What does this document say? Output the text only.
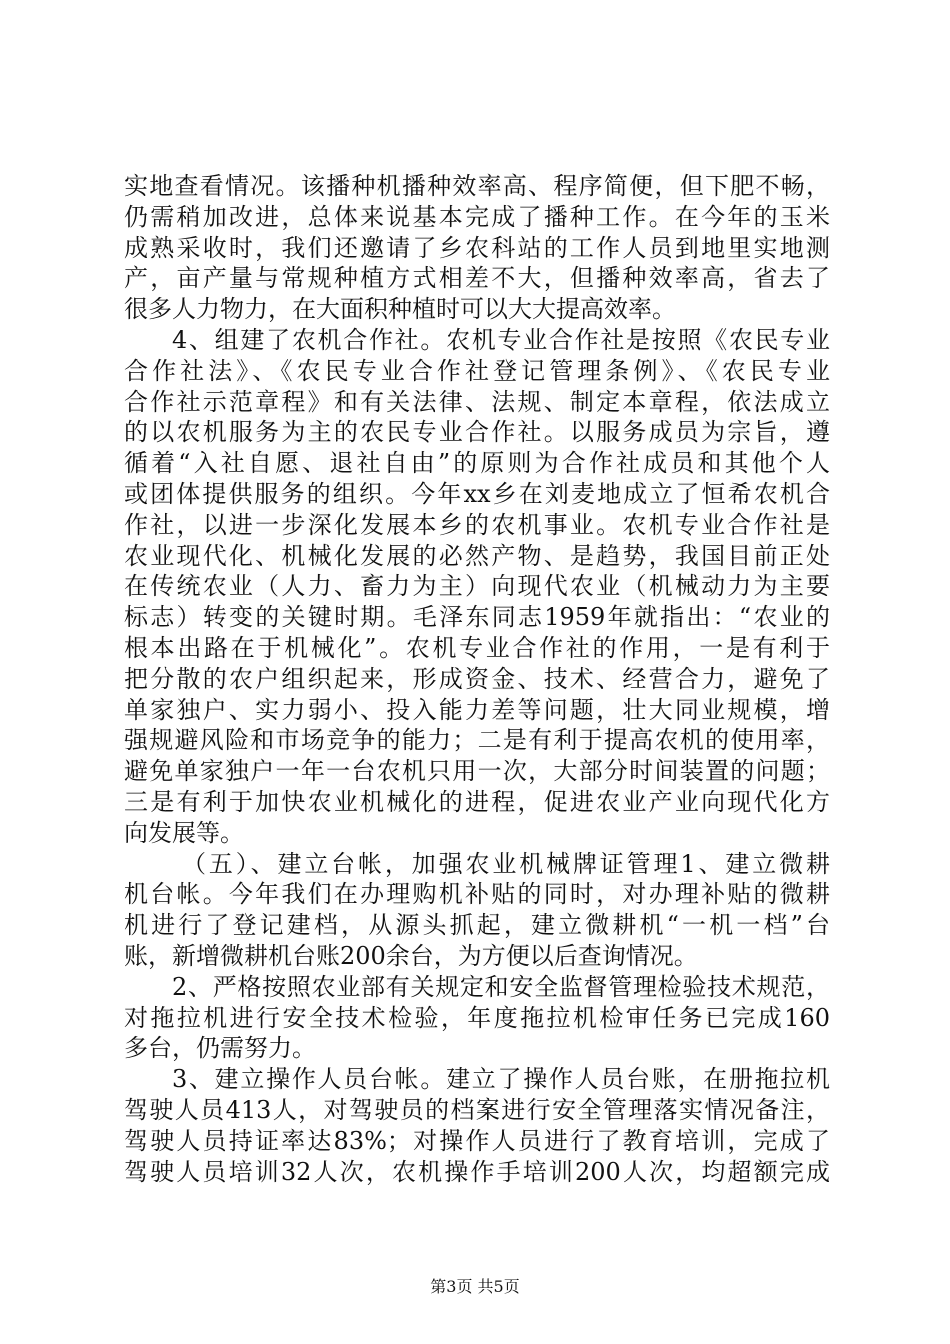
实地查看情况。该播种机播种效率高、程序简便，但下肥不畅，
仍需稍加改进，总体来说基本完成了播种工作。在今年的玉米
成熟采收时，我们还邀请了乡农科站的工作人员到地里实地测
产，亩产量与常规种植方式相差不大，但播种效率高，省去了
很多人力物力，在大面积种植时可以大大提高效率。
4、组建了农机合作社。农机专业合作社是按照《农民专业
合作社法》、《农民专业合作社登记管理条例》、《农民专业
合作社示范章程》和有关法律、法规、制定本章程，依法成立
的以农机服务为主的农民专业合作社。以服务成员为宗旨，遵
循着“入社自愿、退社自由”的原则为合作社成员和其他个人
或团体提供服务的组织。今年xx乡在刘麦地成立了恒希农机合
作社，以进一步深化发展本乡的农机事业。农机专业合作社是
农业现代化、机械化发展的必然产物、是趋势，我国目前正处
在传统农业（人力、畜力为主）向现代农业（机械动力为主要
标志）转变的关键时期。毛泽东同志1959年就指出：“农业的
根本出路在于机械化”。农机专业合作社的作用，一是有利于
把分散的农户组织起来，形成资金、技术、经营合力，避免了
单家独户、实力弱小、投入能力差等问题，壮大同业规模，增
强规避风险和市场竞争的能力；二是有利于提高农机的使用率，
避免单家独户一年一台农机只用一次，大部分时间装置的问题；
三是有利于加快农业机械化的进程，促进农业产业向现代化方
向发展等。
（五）、建立台帐，加强农业机械牌证管理1、建立微耕
机台帐。今年我们在办理购机补贴的同时，对办理补贴的微耕
机进行了登记建档，从源头抓起，建立微耕机“一机一档”台
账，新增微耕机台账200余台，为方便以后查询情况。
2、严格按照农业部有关规定和安全监督管理检验技术规范，
对拖拉机进行安全技术检验，年度拖拉机检审任务已完成160
多台，仍需努力。
3、建立操作人员台帐。建立了操作人员台账，在册拖拉机
驾驶人员413人，对驾驶员的档案进行安全管理落实情况备注，
驾驶人员持证率达83%；对操作人员进行了教育培训，完成了
驾驶人员培训32人次，农机操作手培训200人次，均超额完成
第3页 共5页
